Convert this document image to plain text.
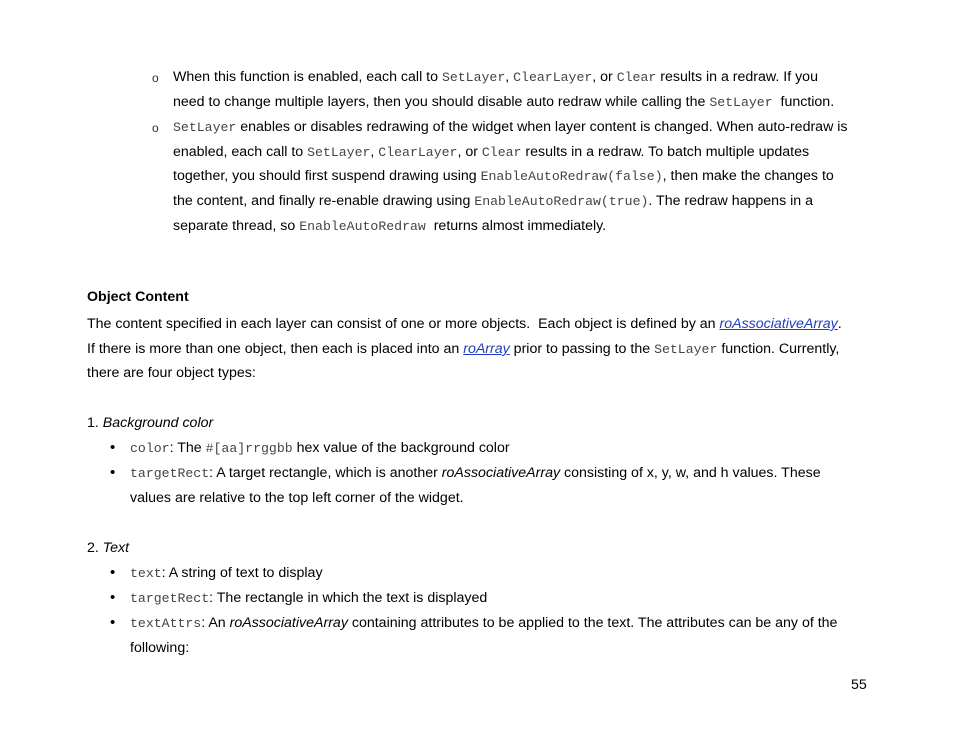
o When this function is enabled, each call to SetLayer, ClearLayer, or Clear results in a redraw. If you
need to change multiple layers, then you should disable auto redraw while calling the SetLayer  function.
o SetLayer enables or disables redrawing of the widget when layer content is changed. When auto-redraw is
enabled, each call to SetLayer, ClearLayer, or Clear results in a redraw. To batch multiple updates
together, you should first suspend drawing using EnableAutoRedraw(false), then make the changes to
the content, and finally re-enable drawing using EnableAutoRedraw(true). The redraw happens in a
separate thread, so EnableAutoRedraw  returns almost immediately.
Object Content
The content specified in each layer can consist of one or more objects.  Each object is defined by an roAssociativeArray.
If there is more than one object, then each is placed into an roArray prior to passing to the SetLayer function. Currently,
there are four object types:
1. Background color
• color: The #[aa]rrggbb hex value of the background color
• targetRect: A target rectangle, which is another roAssociativeArray consisting of x, y, w, and h values. These
values are relative to the top left corner of the widget.
2. Text
• text: A string of text to display
• targetRect: The rectangle in which the text is displayed
• textAttrs: An roAssociativeArray containing attributes to be applied to the text. The attributes can be any of the
following:
55
